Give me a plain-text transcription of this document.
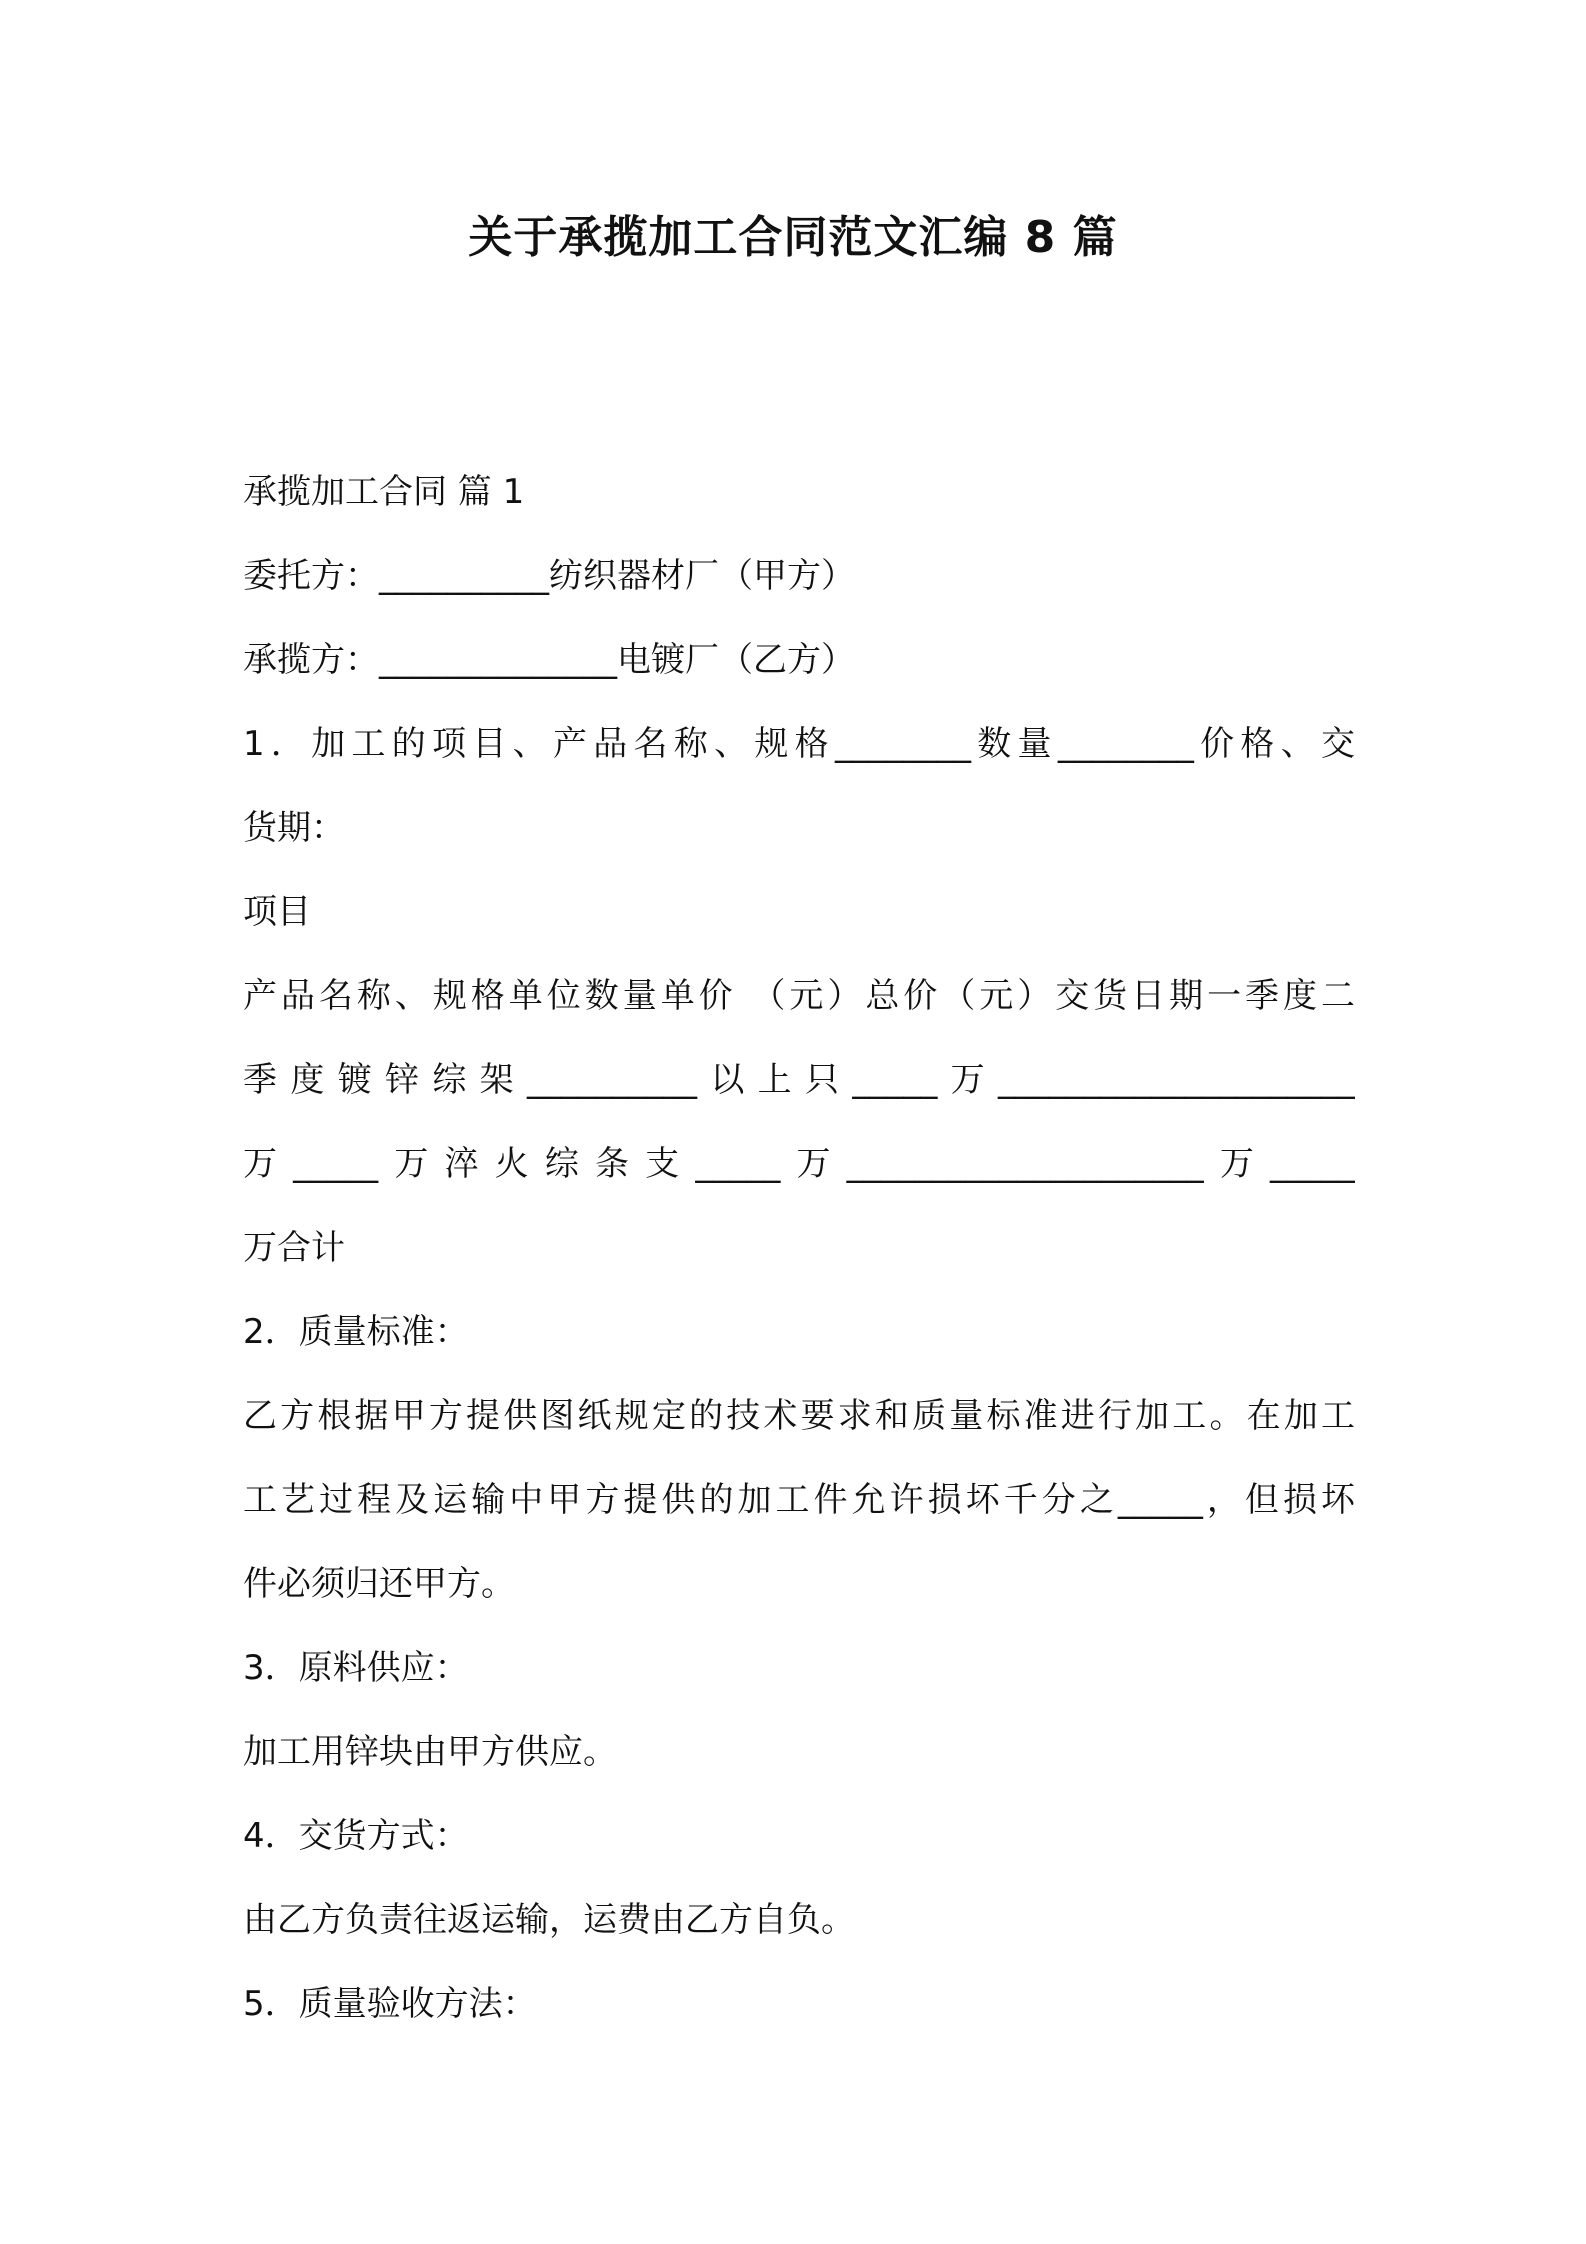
关于承揽加工合同范文汇编 8 篇

承揽加工合同 篇 1

委托方：__________纺织器材厂（甲方）

承揽方：______________电镀厂（乙方）

1．加工的项目、产品名称、规格________数量________价格、交

货期：

项目

产品名称、规格单位数量单价 （元）总价（元）交货日期一季度二

季度镀锌综架__________以上只_____万_____________________

万_____万淬火综条支_____万_____________________万_____

万合计

2．质量标准：

乙方根据甲方提供图纸规定的技术要求和质量标准进行加工。在加工

工艺过程及运输中甲方提供的加工件允许损坏千分之_____，但损坏

件必须归还甲方。

3．原料供应：

加工用锌块由甲方供应。

4．交货方式：

由乙方负责往返运输，运费由乙方自负。

5．质量验收方法：
